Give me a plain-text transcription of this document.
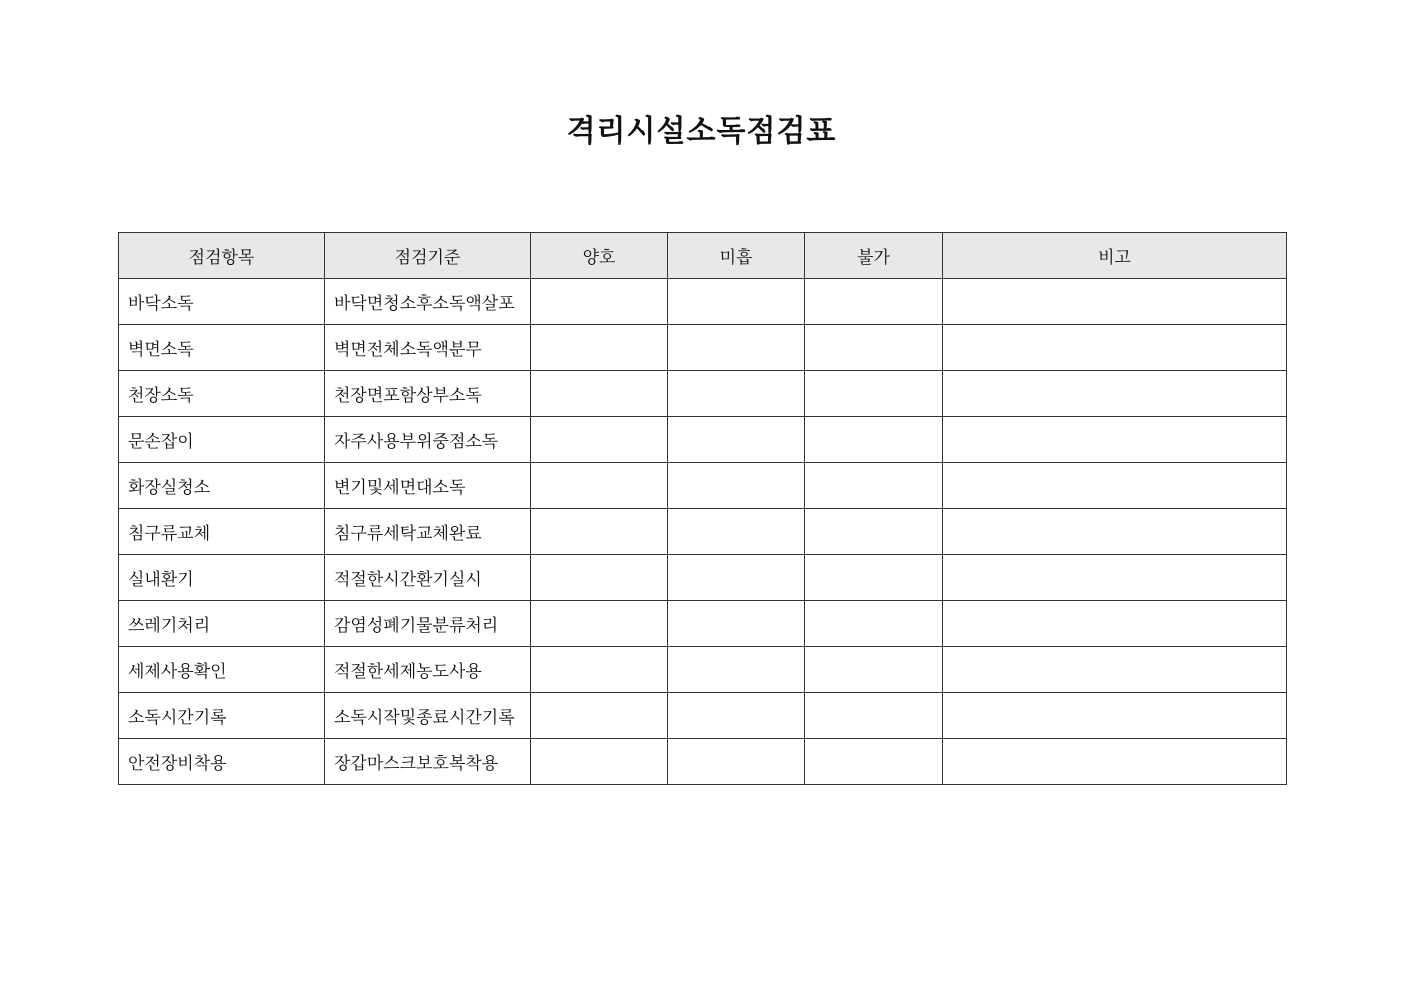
격리시설소독점검표
점검항목	점검기준	양호	미흡	불가	비고
바닥소독	바닥면청소후소독액살포				
벽면소독	벽면전체소독액분무				
천장소독	천장면포함상부소독				
문손잡이	자주사용부위중점소독				
화장실청소	변기및세면대소독				
침구류교체	침구류세탁교체완료				
실내환기	적절한시간환기실시				
쓰레기처리	감염성폐기물분류처리				
세제사용확인	적절한세제농도사용				
소독시간기록	소독시작및종료시간기록				
안전장비착용	장갑마스크보호복착용				
